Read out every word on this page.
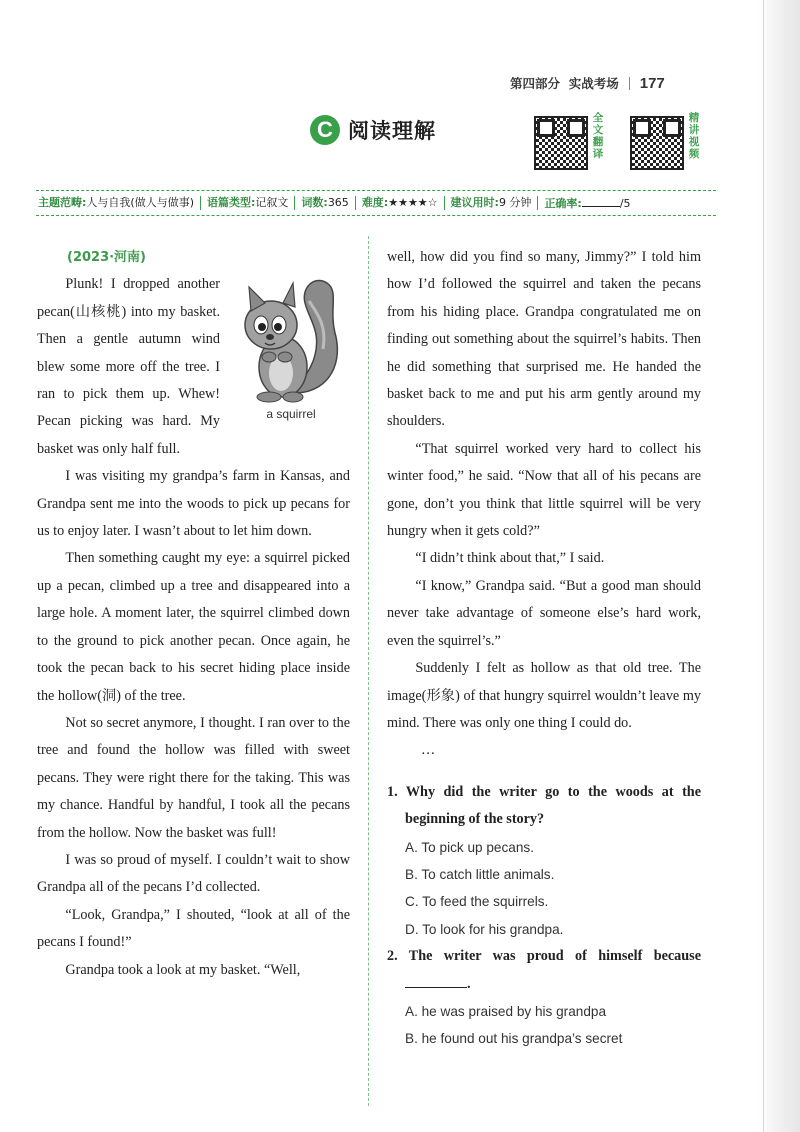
第四部分 实战考场 177
C 阅读理解
全文翻译
精讲视频
主题范畴:人与自我(做人与做事)	语篇类型:记叙文	词数:365	难度:★★★★☆	建议用时:9 分钟	正确率:	/5
(2023·河南)
a squirrel

Plunk! I dropped another pecan(山核桃) into my basket. Then a gentle autumn wind blew some more off the tree. I ran to pick them up. Whew! Pecan picking was hard. My basket was only half full.

I was visiting my grandpa’s farm in Kansas, and Grandpa sent me into the woods to pick up pecans for us to enjoy later. I wasn’t about to let him down.

Then something caught my eye: a squirrel picked up a pecan, climbed up a tree and disappeared into a large hole. A moment later, the squirrel climbed down to the ground to pick another pecan. Once again, he took the pecan back to his secret hiding place inside the hollow(洞) of the tree.

Not so secret anymore, I thought. I ran over to the tree and found the hollow was filled with sweet pecans. They were right there for the taking. This was my chance. Handful by handful, I took all the pecans from the hollow. Now the basket was full!

I was so proud of myself. I couldn’t wait to show Grandpa all of the pecans I’d collected.

“Look, Grandpa,” I shouted, “look at all of the pecans I found!”

Grandpa took a look at my basket. “Well,

well, how did you find so many, Jimmy?” I told him how I’d followed the squirrel and taken the pecans from his hiding place. Grandpa congratulated me on finding out something about the squirrel’s habits. Then he did something that surprised me. He handed the basket back to me and put his arm gently around my shoulders.

“That squirrel worked very hard to collect his winter food,” he said. “Now that all of his pecans are gone, don’t you think that little squirrel will be very hungry when it gets cold?”

“I didn’t think about that,” I said.

“I know,” Grandpa said. “But a good man should never take advantage of someone else’s hard work, even the squirrel’s.”

Suddenly I felt as hollow as that old tree. The image(形象) of that hungry squirrel wouldn’t leave my mind. There was only one thing I could do.

…
1. Why did the writer go to the woods at the beginning of the story?
A. To pick up pecans.
B. To catch little animals.
C. To feed the squirrels.
D. To look for his grandpa.
2. The writer was proud of himself because .
A. he was praised by his grandpa
B. he found out his grandpa’s secret
